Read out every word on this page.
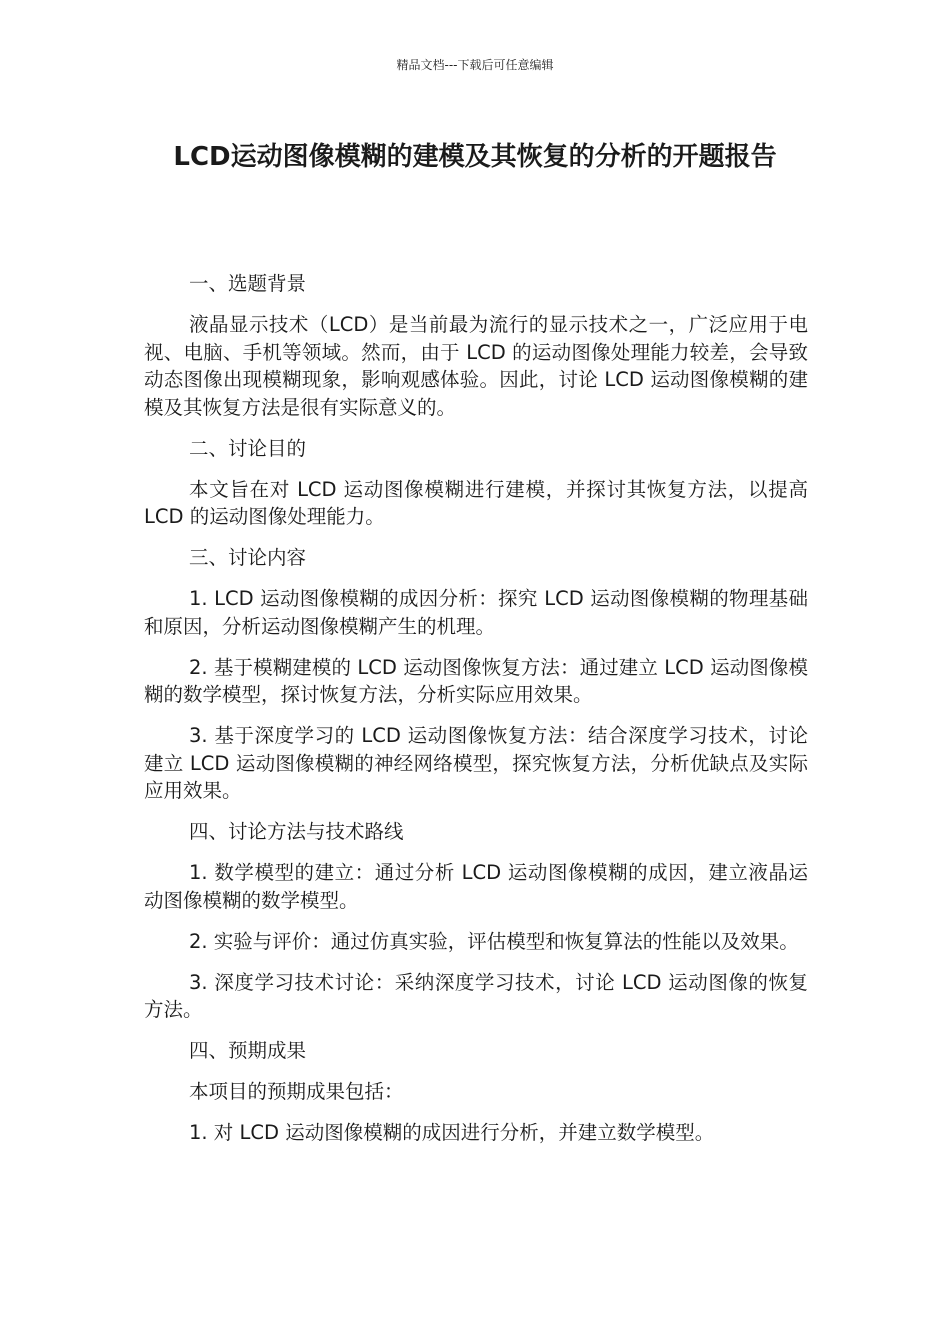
精品文档---下载后可任意编辑
LCD运动图像模糊的建模及其恢复的分析的开题报告

一、选题背景

液晶显示技术（LCD）是当前最为流行的显示技术之一，广泛应用于电视、电脑、手机等领域。然而，由于 LCD 的运动图像处理能力较差，会导致动态图像出现模糊现象，影响观感体验。因此，讨论 LCD 运动图像模糊的建模及其恢复方法是很有实际意义的。

二、讨论目的

本文旨在对 LCD 运动图像模糊进行建模，并探讨其恢复方法，以提高 LCD 的运动图像处理能力。

三、讨论内容

1. LCD 运动图像模糊的成因分析：探究 LCD 运动图像模糊的物理基础和原因，分析运动图像模糊产生的机理。

2. 基于模糊建模的 LCD 运动图像恢复方法：通过建立 LCD 运动图像模糊的数学模型，探讨恢复方法，分析实际应用效果。

3. 基于深度学习的 LCD 运动图像恢复方法：结合深度学习技术，讨论建立 LCD 运动图像模糊的神经网络模型，探究恢复方法，分析优缺点及实际应用效果。

四、讨论方法与技术路线

1. 数学模型的建立：通过分析 LCD 运动图像模糊的成因，建立液晶运动图像模糊的数学模型。

2. 实验与评价：通过仿真实验，评估模型和恢复算法的性能以及效果。

3. 深度学习技术讨论：采纳深度学习技术，讨论 LCD 运动图像的恢复方法。

四、预期成果

本项目的预期成果包括：

1. 对 LCD 运动图像模糊的成因进行分析，并建立数学模型。
